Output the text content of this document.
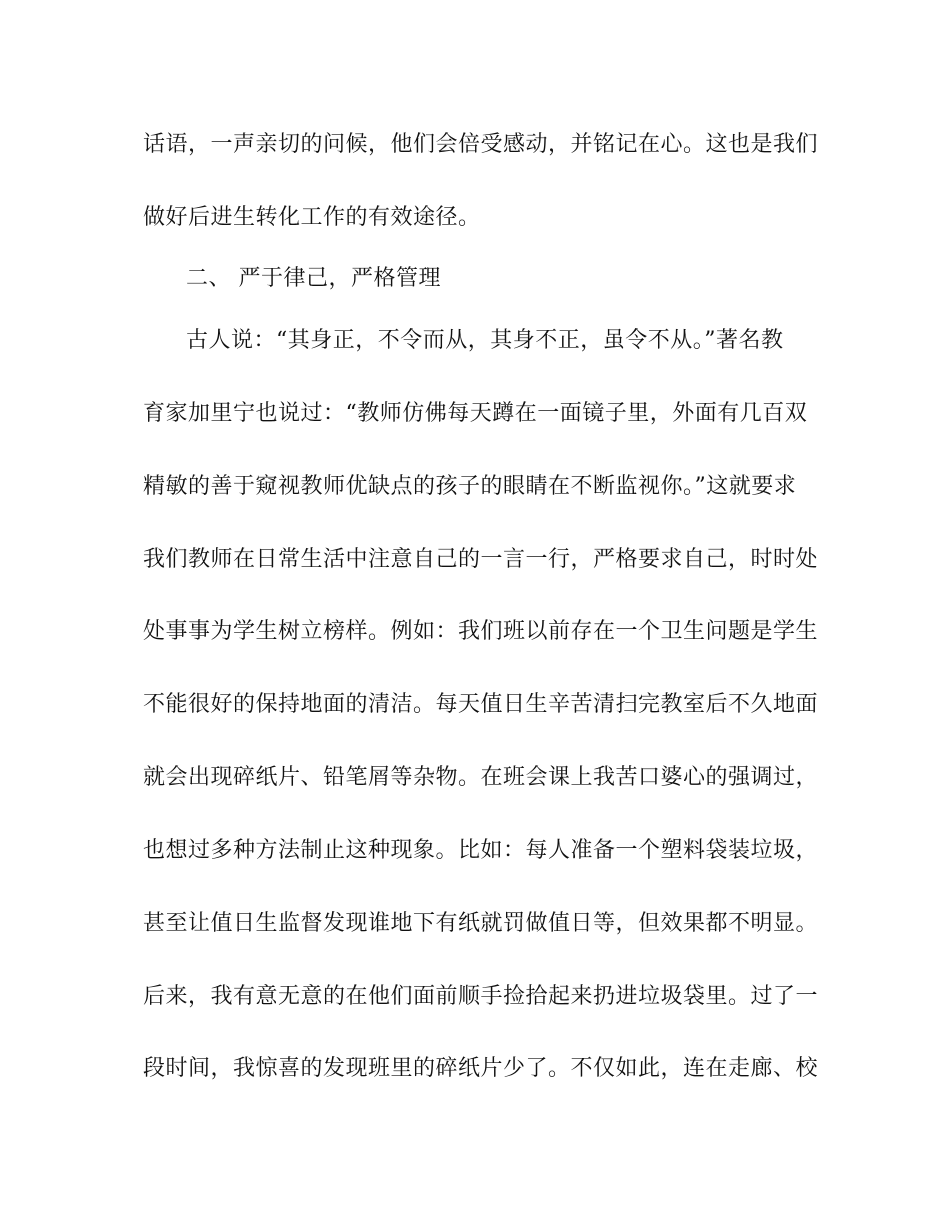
话语，一声亲切的问候，他们会倍受感动，并铭记在心。这也是我们
做好后进生转化工作的有效途径。
二、 严于律己，严格管理
古人说：“其身正，不令而从，其身不正，虽令不从。”著名教
育家加里宁也说过：“教师仿佛每天蹲在一面镜子里，外面有几百双
精敏的善于窥视教师优缺点的孩子的眼睛在不断监视你。”这就要求
我们教师在日常生活中注意自己的一言一行，严格要求自己，时时处
处事事为学生树立榜样。例如：我们班以前存在一个卫生问题是学生
不能很好的保持地面的清洁。每天值日生辛苦清扫完教室后不久地面
就会出现碎纸片、铅笔屑等杂物。在班会课上我苦口婆心的强调过，
也想过多种方法制止这种现象。比如：每人准备一个塑料袋装垃圾，
甚至让值日生监督发现谁地下有纸就罚做值日等，但效果都不明显。
后来，我有意无意的在他们面前顺手捡拾起来扔进垃圾袋里。过了一
段时间，我惊喜的发现班里的碎纸片少了。不仅如此，连在走廊、校
